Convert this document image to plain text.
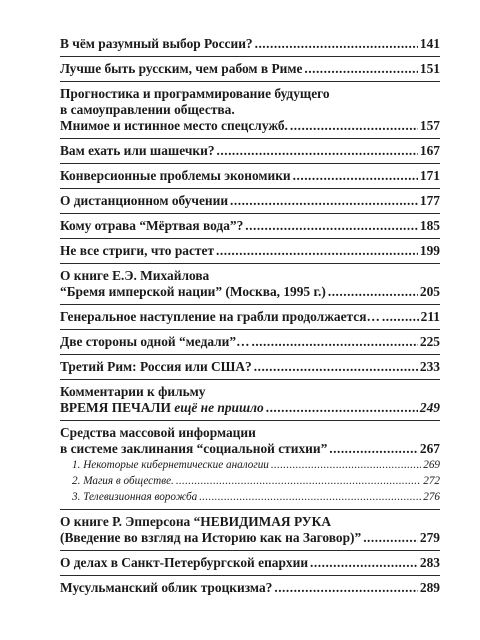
В чём разумный выбор России? .....	141
Лучше быть русским, чем рабом в Риме .....	151
Прогностика и программирование будущего
в самоуправлении общества.
Мнимое и истинное место спецслужб. .....	157
Вам ехать или шашечки? .....	167
Конверсионные проблемы экономики .....	171
О дистанционном обучении .....	177
Кому отрава “Мёртвая вода”? .....	185
Не все стриги, что растет .....	199
О книге Е.Э. Михайлова
“Бремя имперской нации” (Москва, 1995 г.) .....	205
Генеральное наступление на грабли продолжается… .....	211
Две стороны одной “медали”… .....	225
Третий Рим: Россия или США? .....	233
Комментарии к фильму
ВРЕМЯ ПЕЧАЛИ ещё не пришло .....	249
Средства массовой информации
в системе заклинания “социальной стихии” .....	267
1. Некоторые кибернетические аналогии .....	269
2. Магия в обществе. .....	272
3. Телевизионная ворожба .....	276
О книге Р. Эпперсона “НЕВИДИМАЯ РУКА
(Введение во взгляд на Историю как на Заговор)” .....	279
О делах в Санкт-Петербургской епархии .....	283
Мусульманский облик троцкизма? .....	289
